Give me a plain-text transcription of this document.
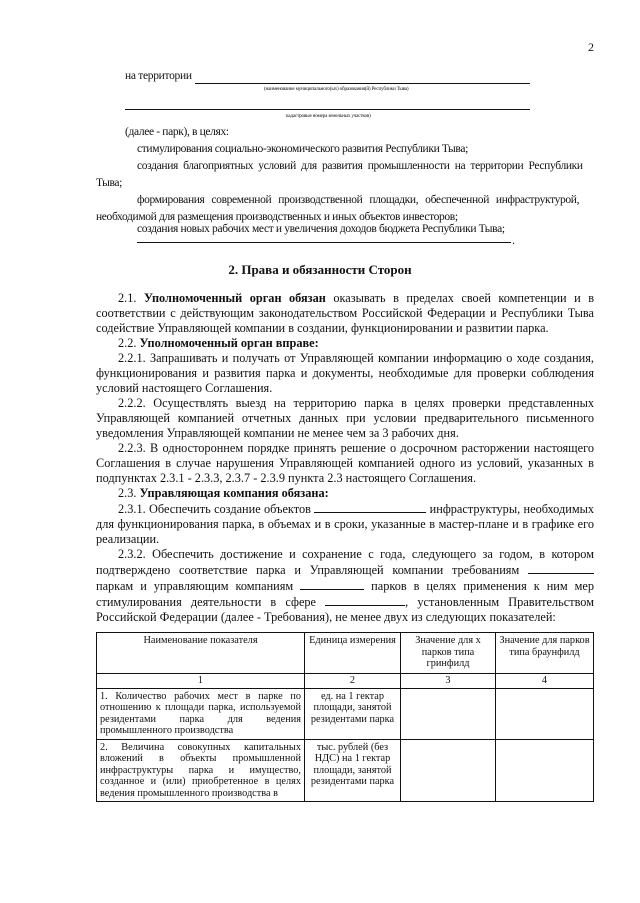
2
на территории
(наименование муниципального(ых) образования(й) Республики Тыва)
кадастровые номера земельных участков)
(далее - парк), в целях:
стимулирования социально-экономического развития Республики Тыва;
создания благоприятных условий для развития промышленности на территории Республики
Тыва;
формирования современной производственной площадки, обеспеченной инфраструктурой,
необходимой для размещения производственных и иных объектов инвесторов;
создания новых рабочих мест и увеличения доходов бюджета Республики Тыва;
.
2. Права и обязанности Сторон

2.1. Уполномоченный орган обязан оказывать в пределах своей компетенции и в соответствии с действующим законодательством Российской Федерации и Республики Тыва содействие Управляющей компании в создании, функционировании и развитии парка.

2.2. Уполномоченный орган вправе:

2.2.1. Запрашивать и получать от Управляющей компании информацию о ходе создания, функционирования и развития парка и документы, необходимые для проверки соблюдения условий настоящего Соглашения.

2.2.2. Осуществлять выезд на территорию парка в целях проверки представленных Управляющей компанией отчетных данных при условии предварительного письменного уведомления Управляющей компании не менее чем за 3 рабочих дня.

2.2.3. В одностороннем порядке принять решение о досрочном расторжении настоящего Соглашения в случае нарушения Управляющей компанией одного из условий, указанных в подпунктах 2.3.1 - 2.3.3, 2.3.7 - 2.3.9 пункта 2.3 настоящего Соглашения.

2.3. Управляющая компания обязана:

2.3.1. Обеспечить создание объектов	инфраструктуры, необходимых для функционирования парка, в объемах и в сроки, указанные в мастер-плане и в графике его реализации.

2.3.2. Обеспечить достижение и сохранение с года, следующего за годом, в котором подтверждено соответствие парка и Управляющей компании требованиям  паркам и управляющим компаниям	парков в целях применения к ним мер стимулирования деятельности в сфере	, установленным Правительством Российской Федерации (далее - Требования), не менее двух из следующих показателей:

Наименование показателя	Единица измерения	Значение для x парков типа гринфилд	Значение для парков типа браунфилд
1	2	3	4
1. Количество рабочих мест в парке по отношению к площади парка, используемой резидентами парка для ведения промышленного производства	ед. на 1 гектар площади, занятой резидентами парка		
2. Величина совокупных капитальных вложений в объекты промышленной инфраструктуры парка и имущество, созданное и (или) приобретенное в целях ведения промышленного производства в	тыс. рублей (без НДС) на 1 гектар площади, занятой резидентами парка		
